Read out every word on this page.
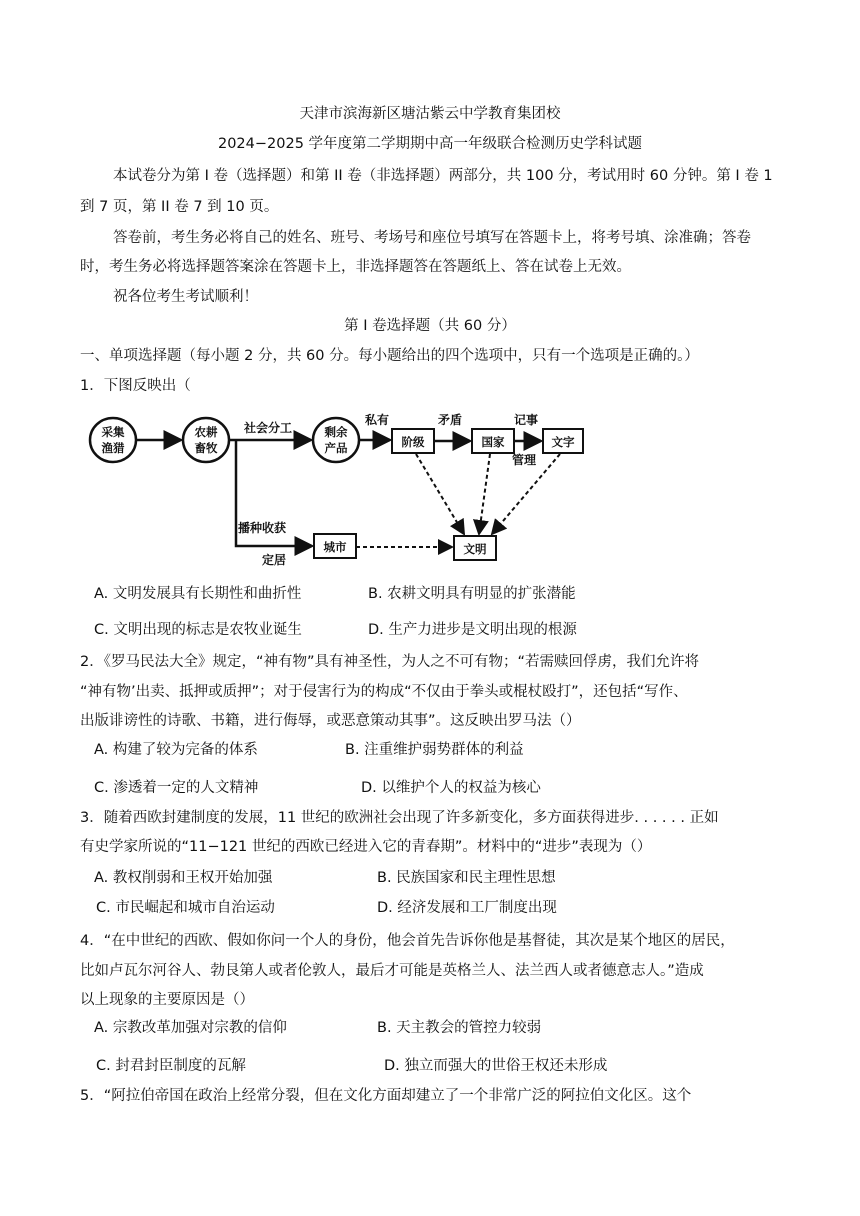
天津市滨海新区塘沽紫云中学教育集团校
2024−2025 学年度第二学期期中高一年级联合检测历史学科试题
本试卷分为第 I 卷（选择题）和第 II 卷（非选择题）两部分，共 100 分，考试用时 60 分钟。第 I 卷 1
到 7 页，第 II 卷 7 到 10 页。
答卷前，考生务必将自己的姓名、班号、考场号和座位号填写在答题卡上，将考号填、涂准确；答卷
时，考生务必将选择题答案涂在答题卡上，非选择题答在答题纸上、答在试卷上无效。
祝各位考生考试顺利！
第 I 卷选择题（共 60 分）
一、单项选择题（每小题 2 分，共 60 分。每小题给出的四个选项中，只有一个选项是正确的。）
1．下图反映出（
采集
渔猎
农耕
畜牧
剩余
产品	阶级	国家	文字
城市	文明
社会分工
私有	矛盾	记事
管理
播种收获
定居
A. 文明发展具有长期性和曲折性	B. 农耕文明具有明显的扩张潜能
C. 文明出现的标志是农牧业诞生	D. 生产力进步是文明出现的根源
2．《罗马民法大全》规定，“神有物”具有神圣性，为人之不可有物；“若需赎回俘虏，我们允许将
“神有物’出卖、抵押或质押”；对于侵害行为的构成“不仅由于拳头或棍杖殴打”，还包括“写作、
出版诽谤性的诗歌、书籍，进行侮辱，或恶意策动其事”。这反映出罗马法（）
A. 构建了较为完备的体系	B. 注重维护弱势群体的利益
C. 渗透着一定的人文精神	D. 以维护个人的权益为核心
3．随着西欧封建制度的发展，11 世纪的欧洲社会出现了许多新变化，多方面获得进步. . . . . . 正如
有史学家所说的“11−121 世纪的西欧已经进入它的青春期”。材料中的“进步”表现为（）
A. 教权削弱和王权开始加强	B. 民族国家和民主理性思想
C. 市民崛起和城市自治运动	D. 经济发展和工厂制度出现
4．“在中世纪的西欧、假如你问一个人的身份，他会首先告诉你他是基督徒，其次是某个地区的居民，
比如卢瓦尔河谷人、勃艮第人或者伦敦人，最后才可能是英格兰人、法兰西人或者德意志人。”造成
以上现象的主要原因是（）
A. 宗教改革加强对宗教的信仰	B. 天主教会的管控力较弱
C. 封君封臣制度的瓦解	D. 独立而强大的世俗王权还未形成
5．“阿拉伯帝国在政治上经常分裂，但在文化方面却建立了一个非常广泛的阿拉伯文化区。这个
